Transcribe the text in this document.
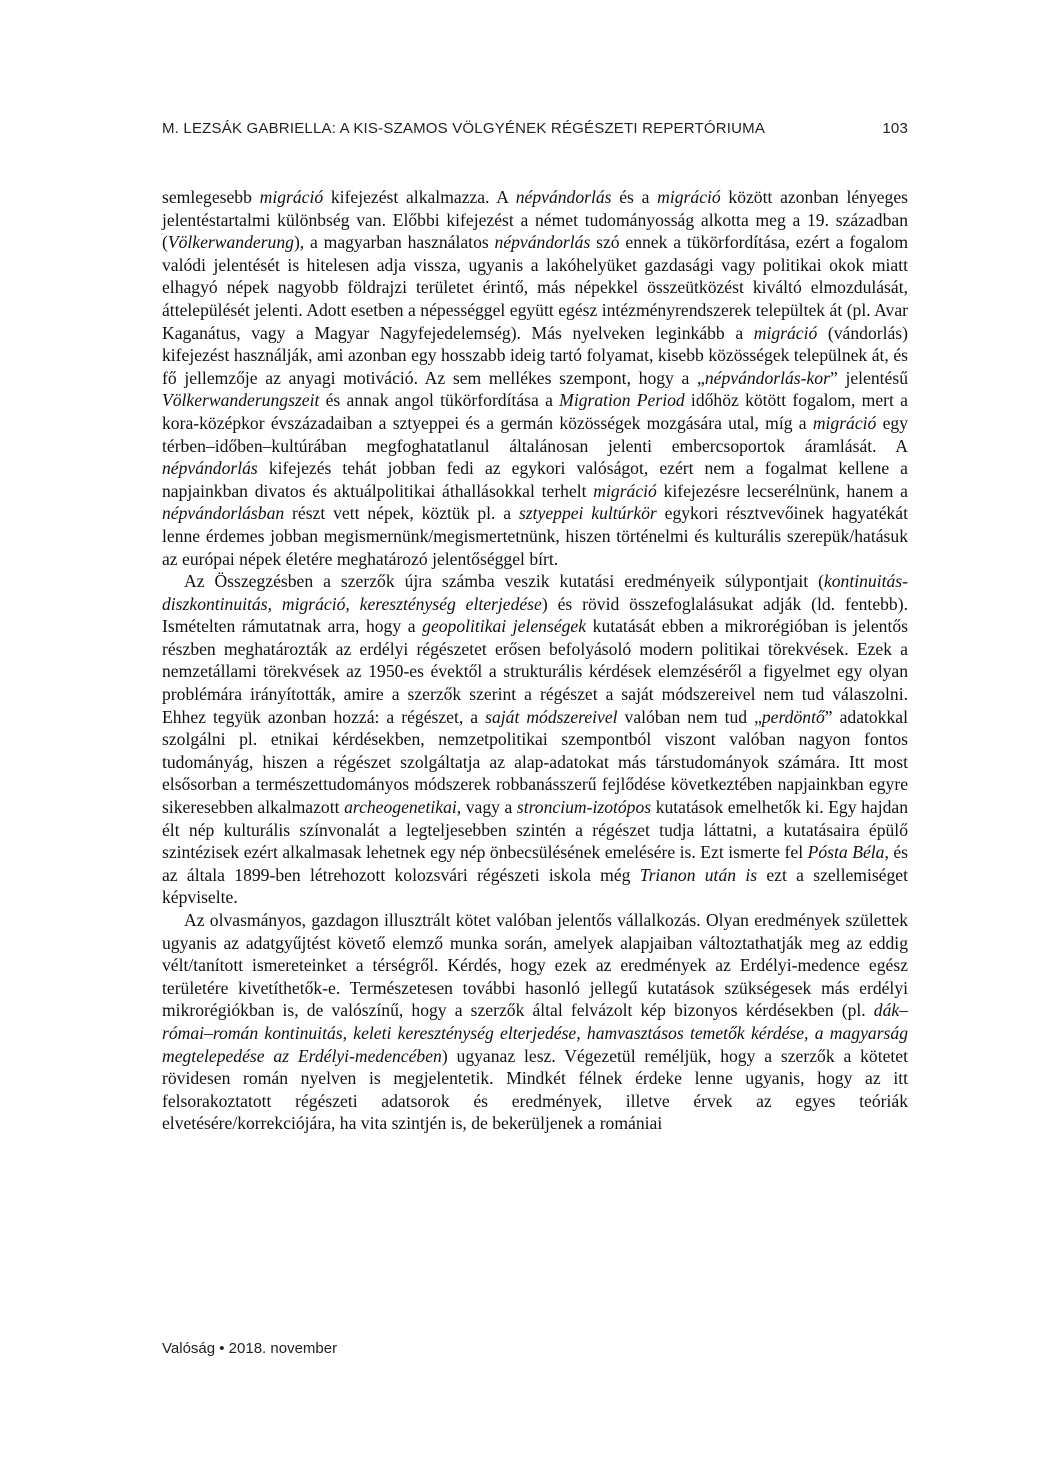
M. LEZSÁK GABRIELLA: A KIS-SZAMOS VÖLGYÉNEK RÉGÉSZETI REPERTÓRIUMA	103

semlegesebb migráció kifejezést alkalmazza. A népvándorlás és a migráció között azonban lényeges jelentéstartalmi különbség van. Előbbi kifejezést a német tudományosság alkotta meg a 19. században (Völkerwanderung), a magyarban használatos népvándorlás szó ennek a tükörfordítása, ezért a fogalom valódi jelentését is hitelesen adja vissza, ugyanis a lakóhelyüket gazdasági vagy politikai okok miatt elhagyó népek nagyobb földrajzi területet érintő, más népekkel összeütközést kiváltó elmozdulását, áttelepülését jelenti. Adott esetben a népességgel együtt egész intézményrendszerek települtek át (pl. Avar Kaganátus, vagy a Magyar Nagyfejedelemség). Más nyelveken leginkább a migráció (vándorlás) kifejezést használják, ami azonban egy hosszabb ideig tartó folyamat, kisebb közösségek települnek át, és fő jellemzője az anyagi motiváció. Az sem mellékes szempont, hogy a „népvándorlás-kor” jelentésű Völkerwanderungszeit és annak angol tükörfordítása a Migration Period időhöz kötött fogalom, mert a kora-középkor évszázadaiban a sztyeppei és a germán közösségek mozgására utal, míg a migráció egy térben–időben–kultúrában megfoghatatlanul általánosan jelenti embercsoportok áramlását. A népvándorlás kifejezés tehát jobban fedi az egykori valóságot, ezért nem a fogalmat kellene a napjainkban divatos és aktuálpolitikai áthallásokkal terhelt migráció kifejezésre lecserélnünk, hanem a népvándorlásban részt vett népek, köztük pl. a sztyeppei kultúrkör egykori résztvevőinek hagyatékát lenne érdemes jobban megismernünk/megismertetnünk, hiszen történelmi és kulturális szerepük/hatásuk az európai népek életére meghatározó jelentőséggel bírt.

Az Összegzésben a szerzők újra számba veszik kutatási eredményeik súlypontjait (kontinuitás-diszkontinuitás, migráció, kereszténység elterjedése) és rövid összefoglalásukat adják (ld. fentebb). Ismételten rámutatnak arra, hogy a geopolitikai jelenségek kutatását ebben a mikrorégióban is jelentős részben meghatározták az erdélyi régészetet erősen befolyásoló modern politikai törekvések. Ezek a nemzetállami törekvések az 1950-es évektől a strukturális kérdések elemzéséről a figyelmet egy olyan problémára irányították, amire a szerzők szerint a régészet a saját módszereivel nem tud válaszolni. Ehhez tegyük azonban hozzá: a régészet, a saját módszereivel valóban nem tud „perdöntő” adatokkal szolgálni pl. etnikai kérdésekben, nemzetpolitikai szempontból viszont valóban nagyon fontos tudományág, hiszen a régészet szolgáltatja az alap-adatokat más társtudományok számára. Itt most elsősorban a természettudományos módszerek robbanásszerű fejlődése következtében napjainkban egyre sikeresebben alkalmazott archeogenetikai, vagy a stroncium-izotópos kutatások emelhetők ki. Egy hajdan élt nép kulturális színvonalát a legteljesebben szintén a régészet tudja láttatni, a kutatásaira épülő szintézisek ezért alkalmasak lehetnek egy nép önbecsülésének emelésére is. Ezt ismerte fel Pósta Béla, és az általa 1899-ben létrehozott kolozsvári régészeti iskola még Trianon után is ezt a szellemiséget képviselte.

Az olvasmányos, gazdagon illusztrált kötet valóban jelentős vállalkozás. Olyan eredmények születtek ugyanis az adatgyűjtést követő elemző munka során, amelyek alapjaiban változtathatják meg az eddig vélt/tanított ismereteinket a térségről. Kérdés, hogy ezek az eredmények az Erdélyi-medence egész területére kivetíthetők-e. Természetesen további hasonló jellegű kutatások szükségesek más erdélyi mikrorégiókban is, de valószínű, hogy a szerzők által felvázolt kép bizonyos kérdésekben (pl. dák–római–román kontinuitás, keleti kereszténység elterjedése, hamvasztásos temetők kérdése, a magyarság megtelepedése az Erdélyi-medencében) ugyanaz lesz. Végezetül reméljük, hogy a szerzők a kötetet rövidesen román nyelven is megjelentetik. Mindkét félnek érdeke lenne ugyanis, hogy az itt felsorakoztatott régészeti adatsorok és eredmények, illetve érvek az egyes teóriák elvetésére/korrekciójára, ha vita szintjén is, de bekerüljenek a romániai

Valóság • 2018. november
